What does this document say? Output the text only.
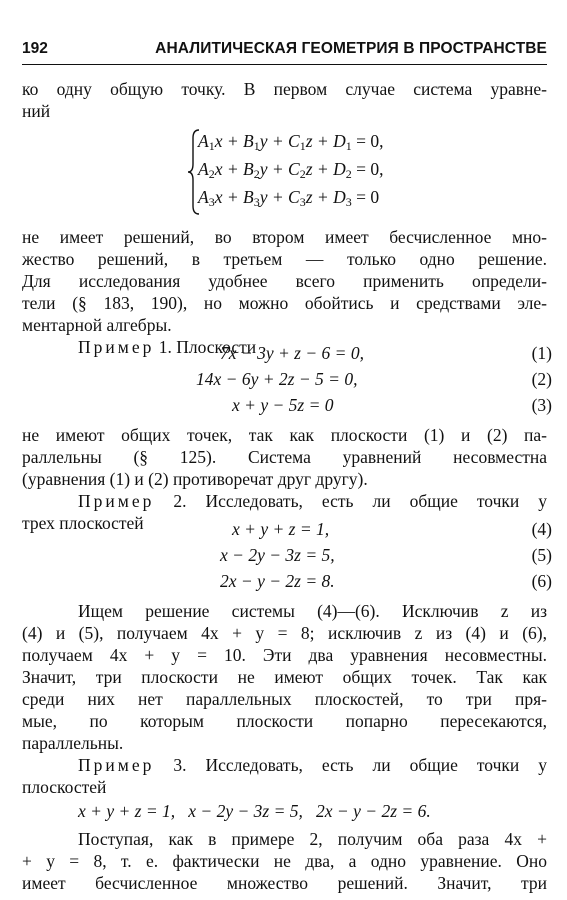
192	АНАЛИТИЧЕСКАЯ ГЕОМЕТРИЯ В ПРОСТРАНСТВЕ
ко одну общую точку. В первом случае система уравне-
ний
$A_1x + B_1y + C_1z + D_1 = 0$,
$A_2x + B_2y + C_2z + D_2 = 0$,
$A_3x + B_3y + C_3z + D_3 = 0$
не имеет решений, во втором имеет бесчисленное мно-
жество решений, в третьем — только одно решение.
Для исследования удобнее всего применить определи-
тели (§ 183, 190), но можно обойтись и средствами эле-
ментарной алгебры.
Пример 1. Плоскости
7x − 3y + z − 6 = 0,	(1)
14x − 6y + 2z − 5 = 0,	(2)
x + y − 5z = 0	(3)
не имеют общих точек, так как плоскости (1) и (2) па-
раллельны (§ 125). Система уравнений несовместна
(уравнения (1) и (2) противоречат друг другу).
Пример 2. Исследовать, есть ли общие точки у
трех плоскостей	x + y + z = 1,	(4)
x − 2y − 3z = 5,	(5)
2x − y − 2z = 8.	(6)
Ищем решение системы (4)—(6). Исключив z из
(4) и (5), получаем 4x + y = 8; исключив z из (4) и (6),
получаем 4x + y = 10. Эти два уравнения несовместны.
Значит, три плоскости не имеют общих точек. Так как
среди них нет параллельных плоскостей, то три пря-
мые, по которым плоскости попарно пересекаются,
параллельны.
Пример 3. Исследовать, есть ли общие точки у
плоскостей
x + y + z = 1,   x − 2y − 3z = 5,   2x − y − 2z = 6.
Поступая, как в примере 2, получим оба раза 4x +
+ y = 8, т. е. фактически не два, а одно уравнение. Оно
имеет бесчисленное множество решений. Значит, три
